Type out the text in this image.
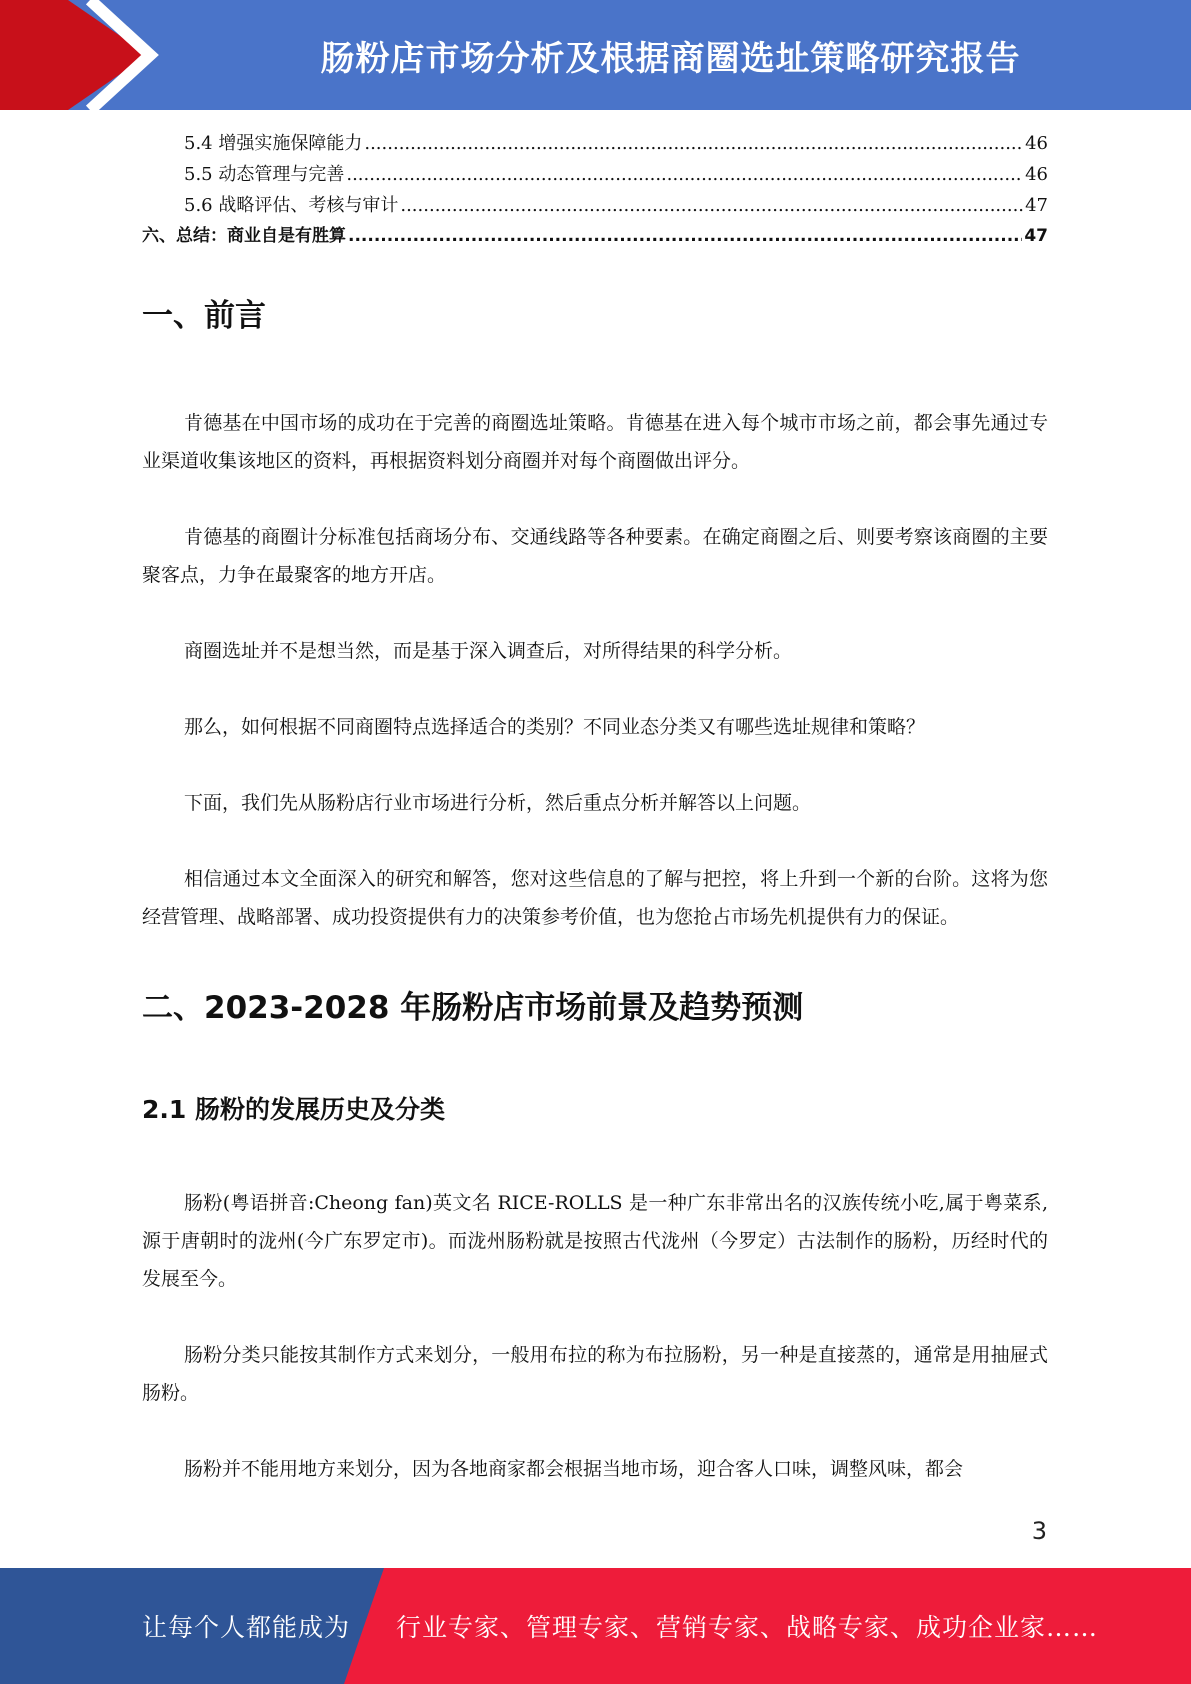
肠粉店市场分析及根据商圈选址策略研究报告
5.4 增强实施保障能力 .....	46
5.5 动态管理与完善 .....	46
5.6 战略评估、考核与审计 .....	47
六、总结：商业自是有胜算 .....	47
一、前言

肯德基在中国市场的成功在于完善的商圈选址策略。肯德基在进入每个城市市场之前，都会事先通过专业渠道收集该地区的资料，再根据资料划分商圈并对每个商圈做出评分。

肯德基的商圈计分标准包括商场分布、交通线路等各种要素。在确定商圈之后、则要考察该商圈的主要聚客点，力争在最聚客的地方开店。

商圈选址并不是想当然，而是基于深入调查后，对所得结果的科学分析。

那么，如何根据不同商圈特点选择适合的类别？不同业态分类又有哪些选址规律和策略？

下面，我们先从肠粉店行业市场进行分析，然后重点分析并解答以上问题。

相信通过本文全面深入的研究和解答，您对这些信息的了解与把控，将上升到一个新的台阶。这将为您经营管理、战略部署、成功投资提供有力的决策参考价值，也为您抢占市场先机提供有力的保证。

二、2023-2028 年肠粉店市场前景及趋势预测
2.1 肠粉的发展历史及分类

肠粉(粤语拼音:Cheong fan)英文名 RICE-ROLLS 是一种广东非常出名的汉族传统小吃,属于粤菜系,源于唐朝时的泷州(今广东罗定市)。而泷州肠粉就是按照古代泷州（今罗定）古法制作的肠粉，历经时代的发展至今。

肠粉分类只能按其制作方式来划分，一般用布拉的称为布拉肠粉，另一种是直接蒸的，通常是用抽屉式肠粉。

肠粉并不能用地方来划分，因为各地商家都会根据当地市场，迎合客人口味，调整风味，都会

3
让每个人都能成为 行业专家、管理专家、营销专家、战略专家、成功企业家……
